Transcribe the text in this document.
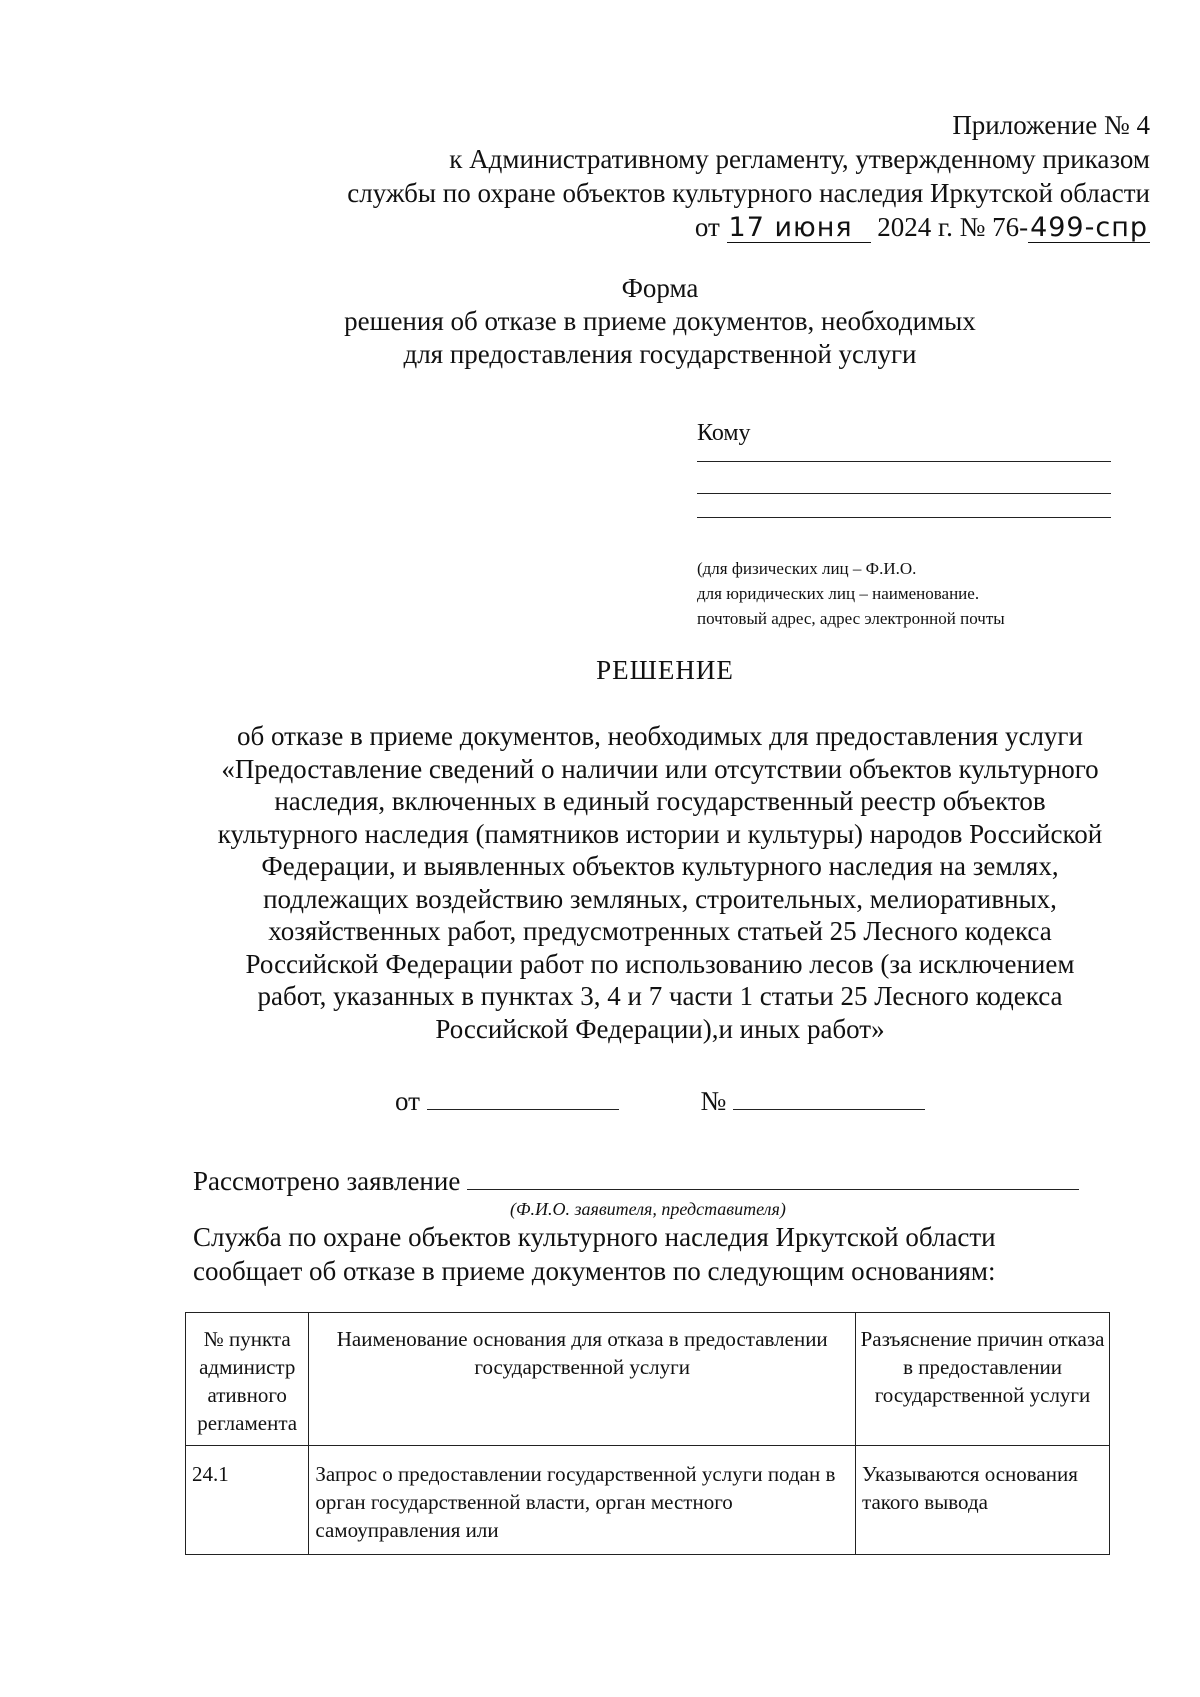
Приложение № 4
к Административному регламенту, утвержденному приказом
службы по охране объектов культурного наследия Иркутской области
от 17 июня 2024 г. № 76-499-спр
Форма
решения об отказе в приеме документов, необходимых
для предоставления государственной услуги
Кому
(для физических лиц – Ф.И.О.
для юридических лиц – наименование.
почтовый адрес, адрес электронной почты
РЕШЕНИЕ
об отказе в приеме документов, необходимых для предоставления услуги
«Предоставление сведений о наличии или отсутствии объектов культурного
наследия, включенных в единый государственный реестр объектов
культурного наследия (памятников истории и культуры) народов Российской
Федерации, и выявленных объектов культурного наследия на землях,
подлежащих воздействию земляных, строительных, мелиоративных,
хозяйственных работ, предусмотренных статьей 25 Лесного кодекса
Российской Федерации работ по использованию лесов (за исключением
работ, указанных в пунктах 3, 4 и 7 части 1 статьи 25 Лесного кодекса
Российской Федерации),и иных работ»
от	№
Рассмотрено заявление
(Ф.И.О. заявителя, представителя)
Служба по охране объектов культурного наследия Иркутской области
сообщает об отказе в приеме документов по следующим основаниям:
№ пункта администр ативного регламента	Наименование основания для отказа в предоставлении государственной услуги	Разъяснение причин отказа в предоставлении государственной услуги
24.1	Запрос о предоставлении государственной услуги подан в орган государственной власти, орган местного самоуправления или	Указываются основания такого вывода
